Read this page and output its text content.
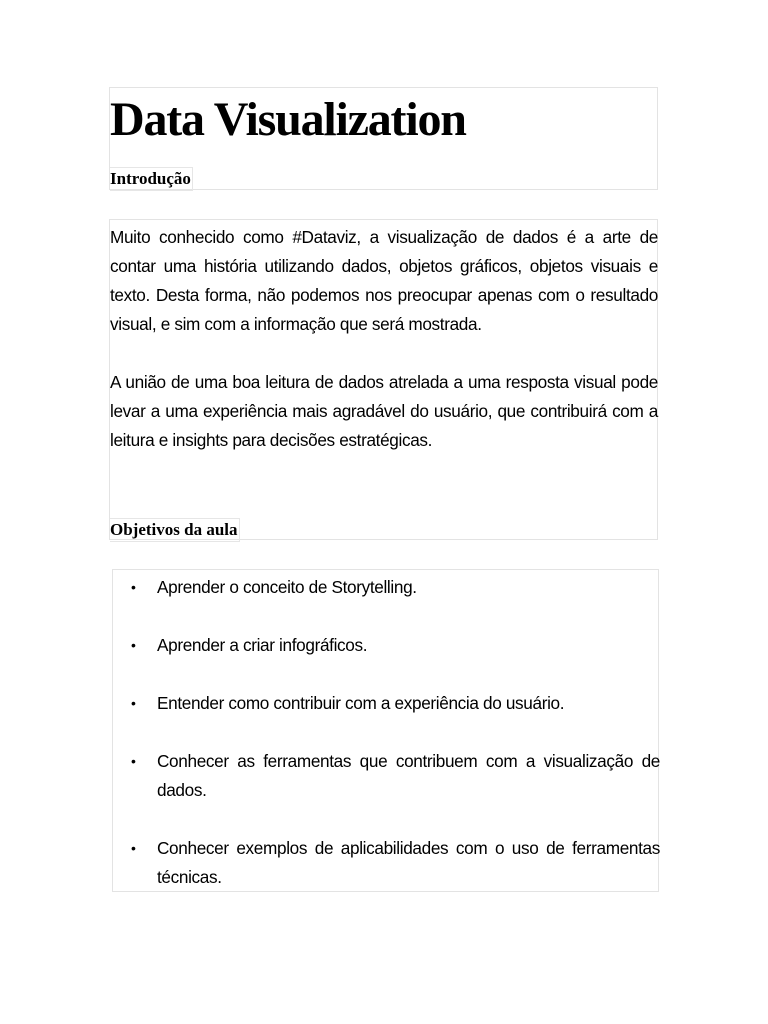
Data Visualization
Introdução

Muito conhecido como #Dataviz, a visualização de dados é a arte de contar uma história utilizando dados, objetos gráficos, objetos visuais e texto. Desta forma, não podemos nos preocupar apenas com o resultado visual, e sim com a informação que será mostrada.

A união de uma boa leitura de dados atrelada a uma resposta visual pode levar a uma experiência mais agradável do usuário, que contribuirá com a leitura e insights para decisões estratégicas.

Objetivos da aula
• Aprender o conceito de Storytelling.
• Aprender a criar infográficos.
• Entender como contribuir com a experiência do usuário.
• Conhecer as ferramentas que contribuem com a visualização de dados.
• Conhecer exemplos de aplicabilidades com o uso de ferramentas técnicas.
